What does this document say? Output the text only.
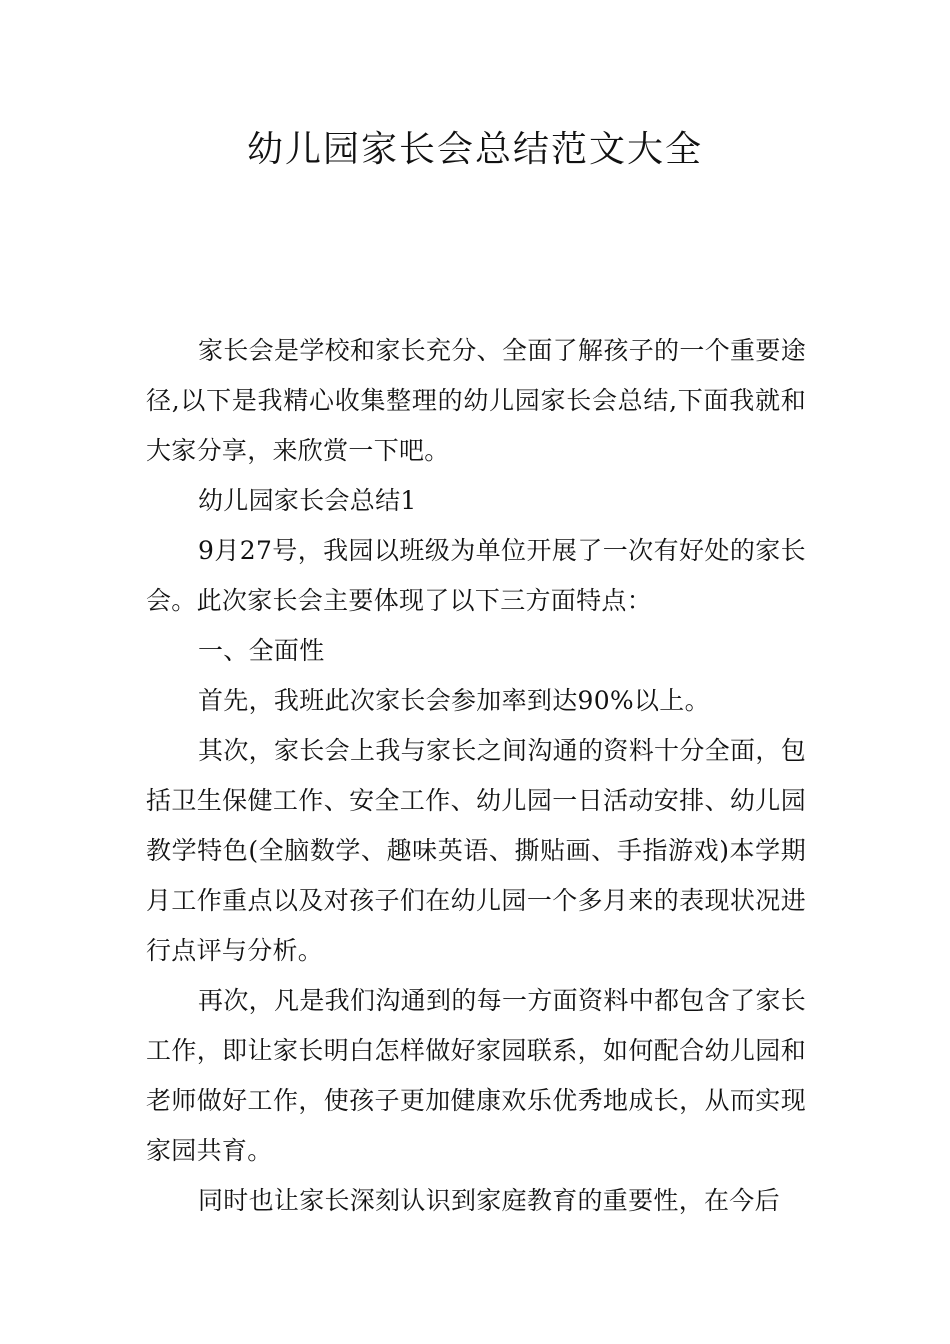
幼儿园家长会总结范文大全

家长会是学校和家长充分、全面了解孩子的一个重要途径,以下是我精心收集整理的幼儿园家长会总结,下面我就和大家分享，来欣赏一下吧。

幼儿园家长会总结1

9月27号，我园以班级为单位开展了一次有好处的家长会。此次家长会主要体现了以下三方面特点：

一、全面性

首先，我班此次家长会参加率到达90%以上。

其次，家长会上我与家长之间沟通的资料十分全面，包括卫生保健工作、安全工作、幼儿园一日活动安排、幼儿园教学特色(全脑数学、趣味英语、撕贴画、手指游戏)本学期月工作重点以及对孩子们在幼儿园一个多月来的表现状况进行点评与分析。

再次，凡是我们沟通到的每一方面资料中都包含了家长工作，即让家长明白怎样做好家园联系，如何配合幼儿园和老师做好工作，使孩子更加健康欢乐优秀地成长，从而实现家园共育。

同时也让家长深刻认识到家庭教育的重要性，在今后
